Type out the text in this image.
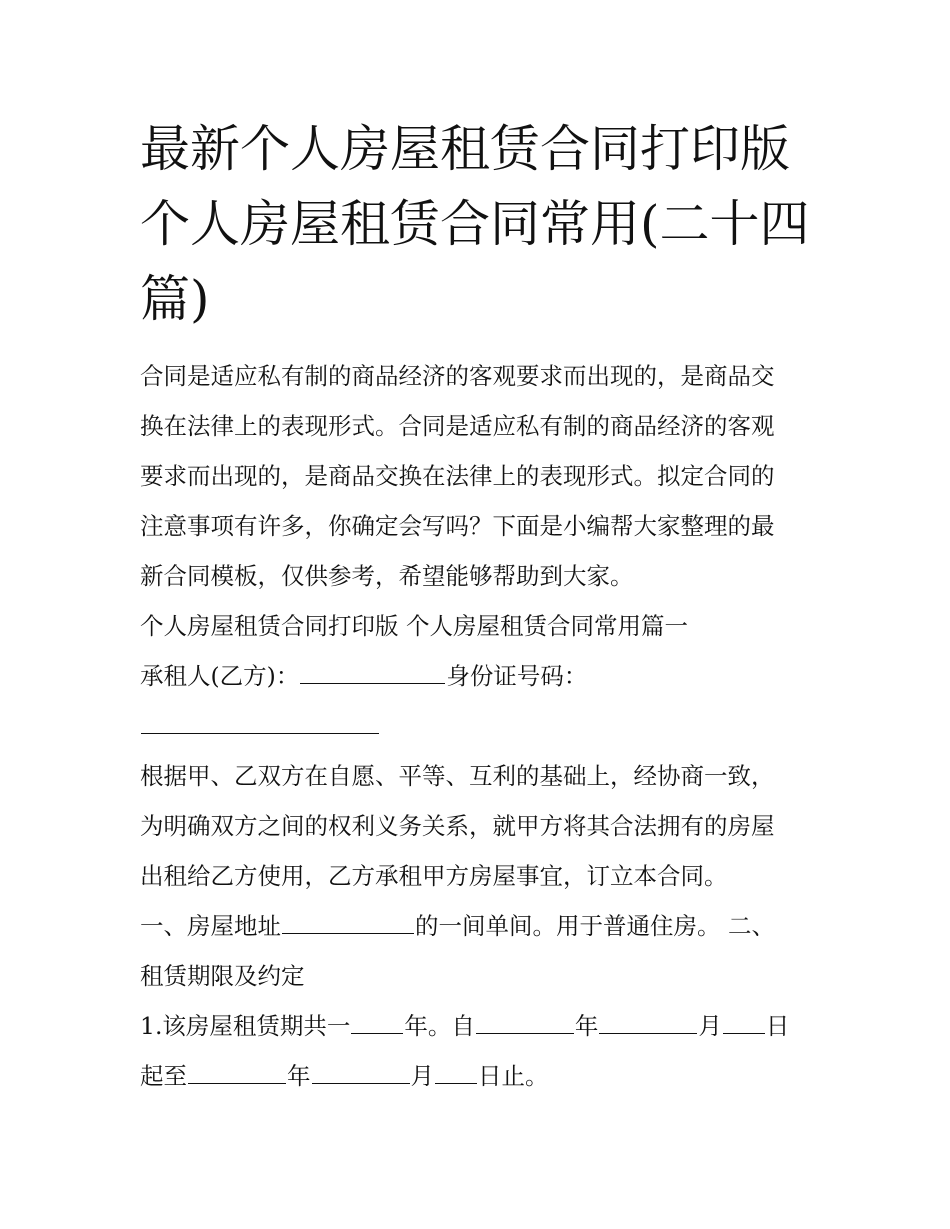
最新个人房屋租赁合同打印版
个人房屋租赁合同常用(二十四
篇)
合同是适应私有制的商品经济的客观要求而出现的，是商品交
换在法律上的表现形式。合同是适应私有制的商品经济的客观
要求而出现的，是商品交换在法律上的表现形式。拟定合同的
注意事项有许多，你确定会写吗？下面是小编帮大家整理的最
新合同模板，仅供参考，希望能够帮助到大家。
个人房屋租赁合同打印版 个人房屋租赁合同常用篇一
承租人(乙方)：	身份证号码：
根据甲、乙双方在自愿、平等、互利的基础上，经协商一致，
为明确双方之间的权利义务关系，就甲方将其合法拥有的房屋
出租给乙方使用，乙方承租甲方房屋事宜，订立本合同。
一、房屋地址	的一间单间。用于普通住房。 二、
租赁期限及约定
1.该房屋租赁期共一 年。自	年	月 日
起至	年	月 日止。
